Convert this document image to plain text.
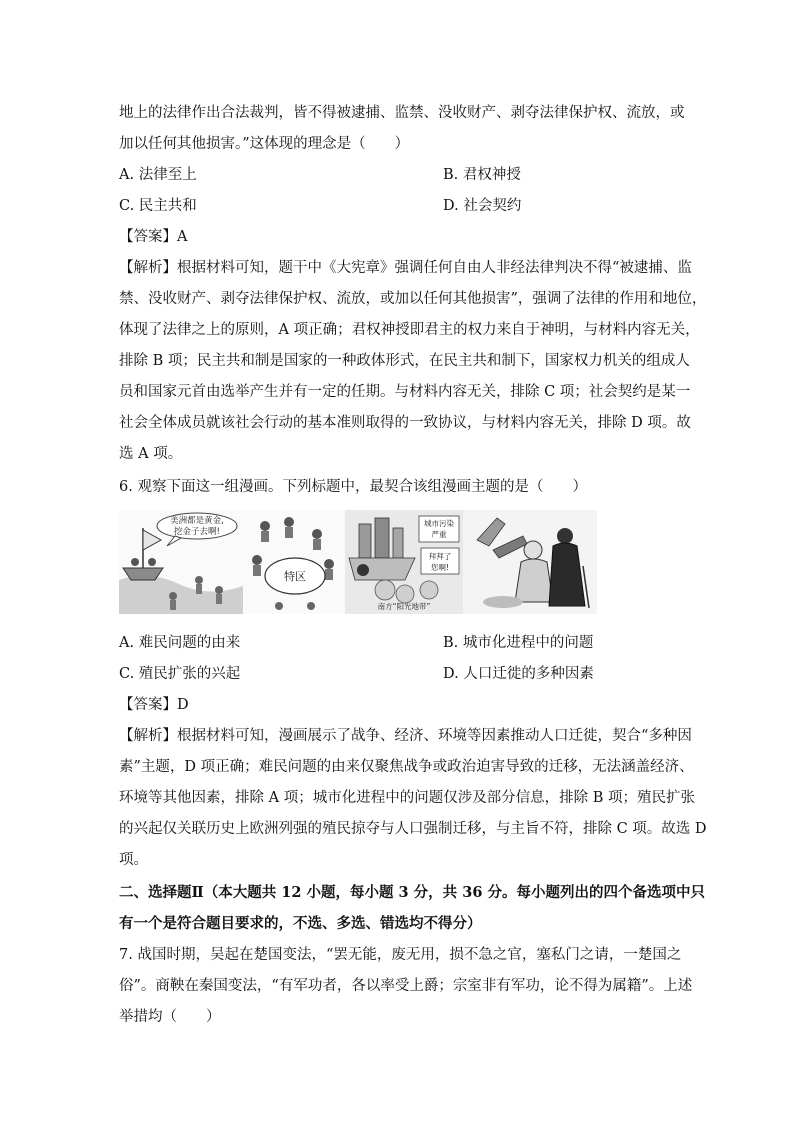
地上的法律作出合法裁判，皆不得被逮捕、监禁、没收财产、剥夺法律保护权、流放，或
加以任何其他损害。”这体现的理念是（　　）
A. 法律至上	B. 君权神授
C. 民主共和	D. 社会契约
【答案】A
【解析】根据材料可知，题干中《大宪章》强调任何自由人非经法律判决不得“被逮捕、监
禁、没收财产、剥夺法律保护权、流放，或加以任何其他损害”，强调了法律的作用和地位，
体现了法律之上的原则，A 项正确；君权神授即君主的权力来自于神明，与材料内容无关，
排除 B 项；民主共和制是国家的一种政体形式，在民主共和制下，国家权力机关的组成人
员和国家元首由选举产生并有一定的任期。与材料内容无关，排除 C 项；社会契约是某一
社会全体成员就该社会行动的基本准则取得的一致协议，与材料内容无关，排除 D 项。故
选 A 项。
6. 观察下面这一组漫画。下列标题中，最契合该组漫画主题的是（　　）
美洲都是黄金,
挖金子去啊!
特区
城市污染
严重
拜拜了
您啊!
南方“阳光地带”
A. 难民问题的由来	B. 城市化进程中的问题
C. 殖民扩张的兴起	D. 人口迁徙的多种因素
【答案】D
【解析】根据材料可知，漫画展示了战争、经济、环境等因素推动人口迁徙，契合“多种因
素”主题，D 项正确；难民问题的由来仅聚焦战争或政治迫害导致的迁移，无法涵盖经济、
环境等其他因素，排除 A 项；城市化进程中的问题仅涉及部分信息，排除 B 项；殖民扩张
的兴起仅关联历史上欧洲列强的殖民掠夺与人口强制迁移，与主旨不符，排除 C 项。故选 D
项。
二、选择题Ⅱ（本大题共 12 小题，每小题 3 分，共 36 分。每小题列出的四个备选项中只
有一个是符合题目要求的，不选、多选、错选均不得分）
7. 战国时期，吴起在楚国变法，“罢无能，废无用，损不急之官，塞私门之请，一楚国之
俗”。商鞅在秦国变法，“有军功者，各以率受上爵；宗室非有军功，论不得为属籍”。上述
举措均（　　）
